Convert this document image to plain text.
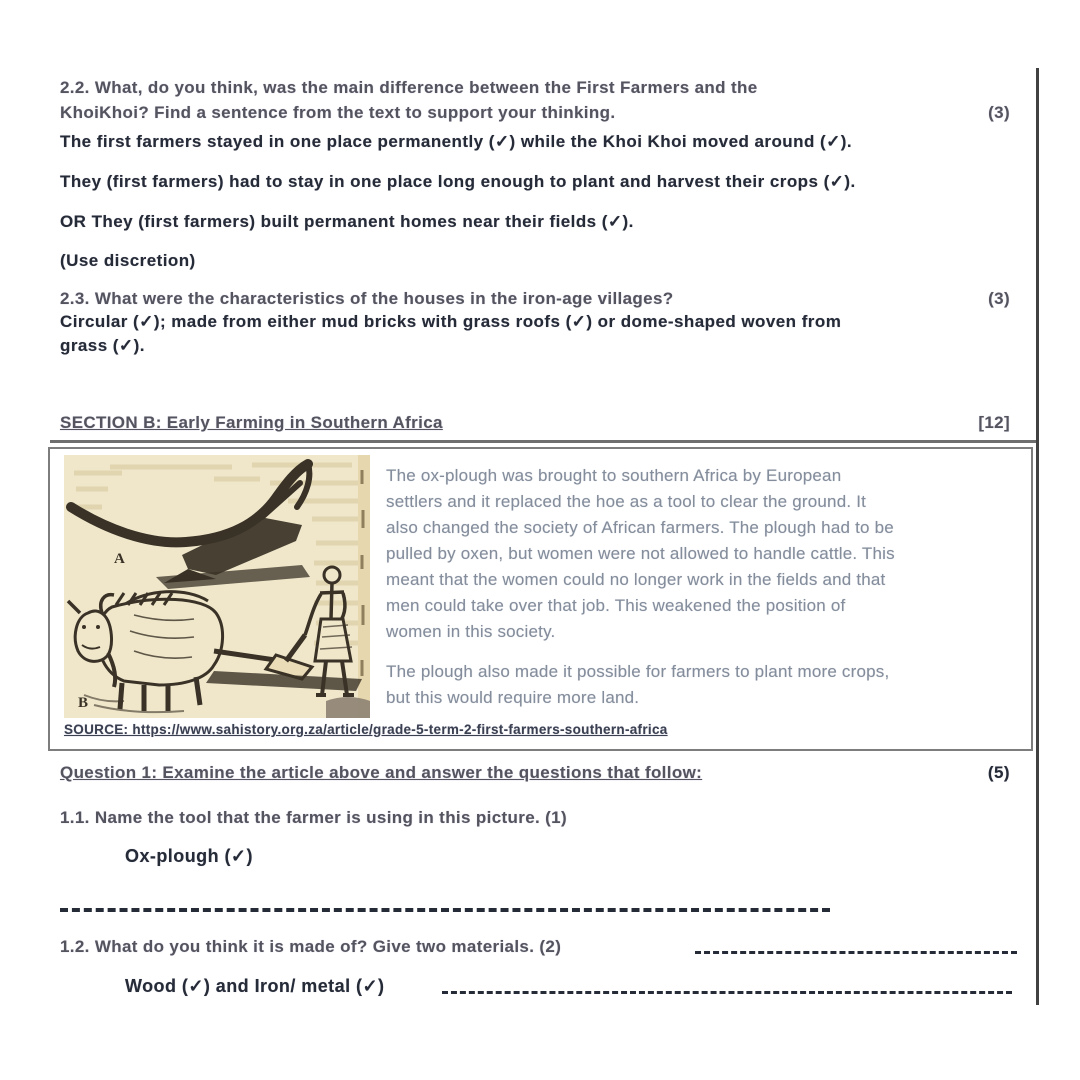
2.2. What, do you think, was the main difference between the First Farmers and the
KhoiKhoi? Find a sentence from the text to support your thinking.	(3)
The first farmers stayed in one place permanently (✓) while the Khoi Khoi moved around (✓).
They (first farmers) had to stay in one place long enough to plant and harvest their crops (✓).
OR They (first farmers) built permanent homes near their fields (✓).
(Use discretion)
2.3. What were the characteristics of the houses in the iron-age villages?	(3)
Circular (✓); made from either mud bricks with grass roofs (✓) or dome-shaped woven from
grass (✓).
SECTION B: Early Farming in Southern Africa	[12]
A
B
The ox-plough was brought to southern Africa by European
settlers and it replaced the hoe as a tool to clear the ground. It
also changed the society of African farmers. The plough had to be
pulled by oxen, but women were not allowed to handle cattle. This
meant that the women could no longer work in the fields and that
men could take over that job. This weakened the position of
women in this society.
The plough also made it possible for farmers to plant more crops,
but this would require more land.
SOURCE: https://www.sahistory.org.za/article/grade-5-term-2-first-farmers-southern-africa
Question 1: Examine the article above and answer the questions that follow:	(5)
1.1. Name the tool that the farmer is using in this picture. (1)
Ox-plough (✓)
1.2. What do you think it is made of? Give two materials. (2)
Wood (✓) and Iron/ metal (✓)
